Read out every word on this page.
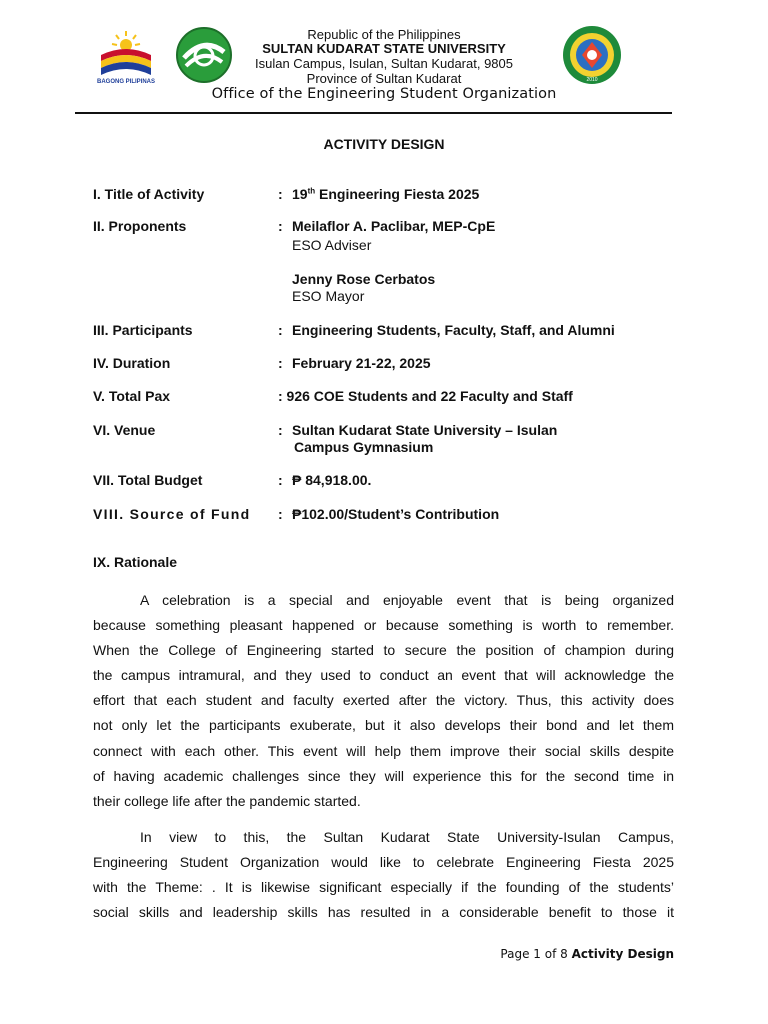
BAGONG PILIPINAS	2010
Republic of the Philippines
SULTAN KUDARAT STATE UNIVERSITY
Isulan Campus, Isulan, Sultan Kudarat, 9805
Province of Sultan Kudarat
Office of the Engineering Student Organization
ACTIVITY DESIGN
I. Title of Activity	: 19th Engineering Fiesta 2025
II. Proponents	: Meilaflor A. Paclibar, MEP-CpE
ESO Adviser
Jenny Rose Cerbatos
ESO Mayor
III. Participants	: Engineering Students, Faculty, Staff, and Alumni
IV. Duration	: February 21-22, 2025
V. Total Pax	: 926 COE Students and 22 Faculty and Staff
VI. Venue	: Sultan Kudarat State University – Isulan
Campus Gymnasium
VII. Total Budget	: ₱ 84,918.00.
VIII. Source of Fund : ₱102.00/Student’s Contribution
IX. Rationale
A celebration is a special and enjoyable event that is being organized
because something pleasant happened or because something is worth to remember.
When the College of Engineering started to secure the position of champion during
the campus intramural, and they used to conduct an event that will acknowledge the
effort that each student and faculty exerted after the victory. Thus, this activity does
not only let the participants exuberate, but it also develops their bond and let them
connect with each other. This event will help them improve their social skills despite
of having academic challenges since they will experience this for the second time in
their college life after the pandemic started.
In view to this, the Sultan Kudarat State University-Isulan Campus,
Engineering Student Organization would like to celebrate Engineering Fiesta 2025
with the Theme: . It is likewise significant especially if the founding of the students’
social skills and leadership skills has resulted in a considerable benefit to those it
Page 1 of 8 Activity Design
